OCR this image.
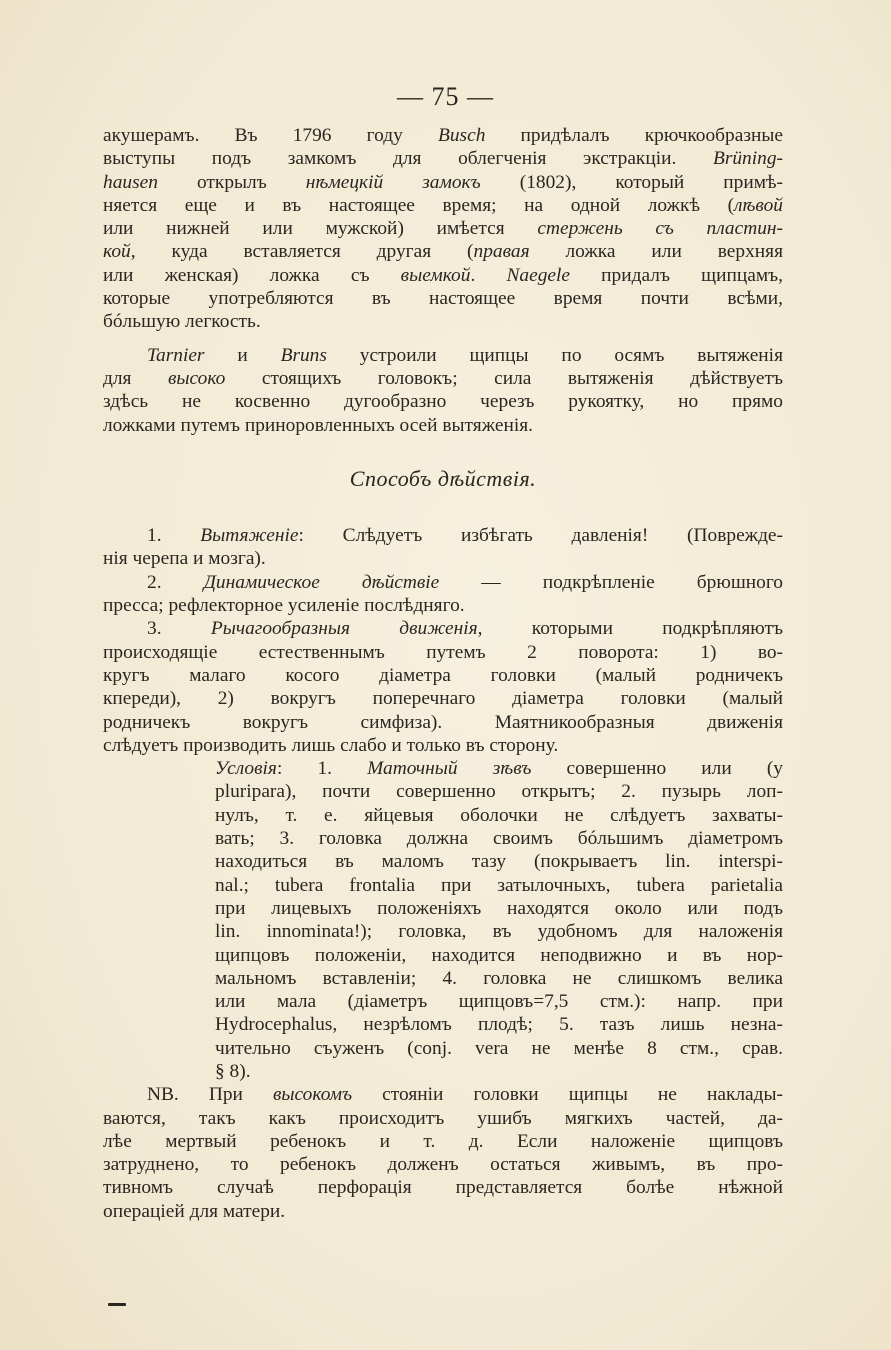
— 75 —
акушерамъ. Въ 1796 году Busch придѣлалъ крючкообразные
выступы подъ замкомъ для облегченія экстракціи. Brüning-
hausen открылъ нѣмецкій замокъ (1802), который примѣ-
няется еще и въ настоящее время; на одной ложкѣ (лѣвой
или нижней или мужской) имѣется стержень съ пластин-
кой, куда вставляется другая (правая ложка или верхняя
или женская) ложка съ выемкой. Naegele придалъ щипцамъ,
которые употребляются въ настоящее время почти всѣми,
бóльшую легкость.
Tarnier и Bruns устроили щипцы по осямъ вытяженія
для высоко стоящихъ головокъ; сила вытяженія дѣйствуетъ
здѣсь не косвенно дугообразно черезъ рукоятку, но прямо
ложками путемъ приноровленныхъ осей вытяженія.
Способъ дѣйствія.
1. Вытяженіе: Слѣдуетъ избѣгать давленія! (Поврежде-
нія черепа и мозга).
2. Динамическое дѣйствіе — подкрѣпленіе брюшного
пресса; рефлекторное усиленіе послѣдняго.
3. Рычагообразныя движенія, которыми подкрѣпляютъ
происходящіе естественнымъ путемъ 2 поворота: 1) во-
кругъ малаго косого діаметра головки (малый родничекъ
кпереди), 2) вокругъ поперечнаго діаметра головки (малый
родничекъ вокругъ симфиза). Маятникообразныя движенія
слѣдуетъ производить лишь слабо и только въ сторону.
Условія: 1. Маточный зѣвъ совершенно или (у
pluripara), почти совершенно открытъ; 2. пузырь лоп-
нулъ, т. е. яйцевыя оболочки не слѣдуетъ захваты-
вать; 3. головка должна своимъ бóльшимъ діаметромъ
находиться въ маломъ тазу (покрываетъ lin. interspi-
nal.; tubera frontalia при затылочныхъ, tubera parietalia
при лицевыхъ положеніяхъ находятся около или подъ
lin. innominata!); головка, въ удобномъ для наложенія
щипцовъ положеніи, находится неподвижно и въ нор-
мальномъ вставленіи; 4. головка не слишкомъ велика
или мала (діаметръ щипцовъ=7,5 стм.): напр. при
Hydrocephalus, незрѣломъ плодѣ; 5. тазъ лишь незна-
чительно съуженъ (conj. vera не менѣе 8 стм., срав.
§ 8).
NB. При высокомъ стояніи головки щипцы не наклады-
ваются, такъ какъ происходитъ ушибъ мягкихъ частей, да-
лѣе мертвый ребенокъ и т. д. Если наложеніе щипцовъ
затруднено, то ребенокъ долженъ остаться живымъ, въ про-
тивномъ случаѣ перфорація представляется болѣе нѣжной
операціей для матери.
